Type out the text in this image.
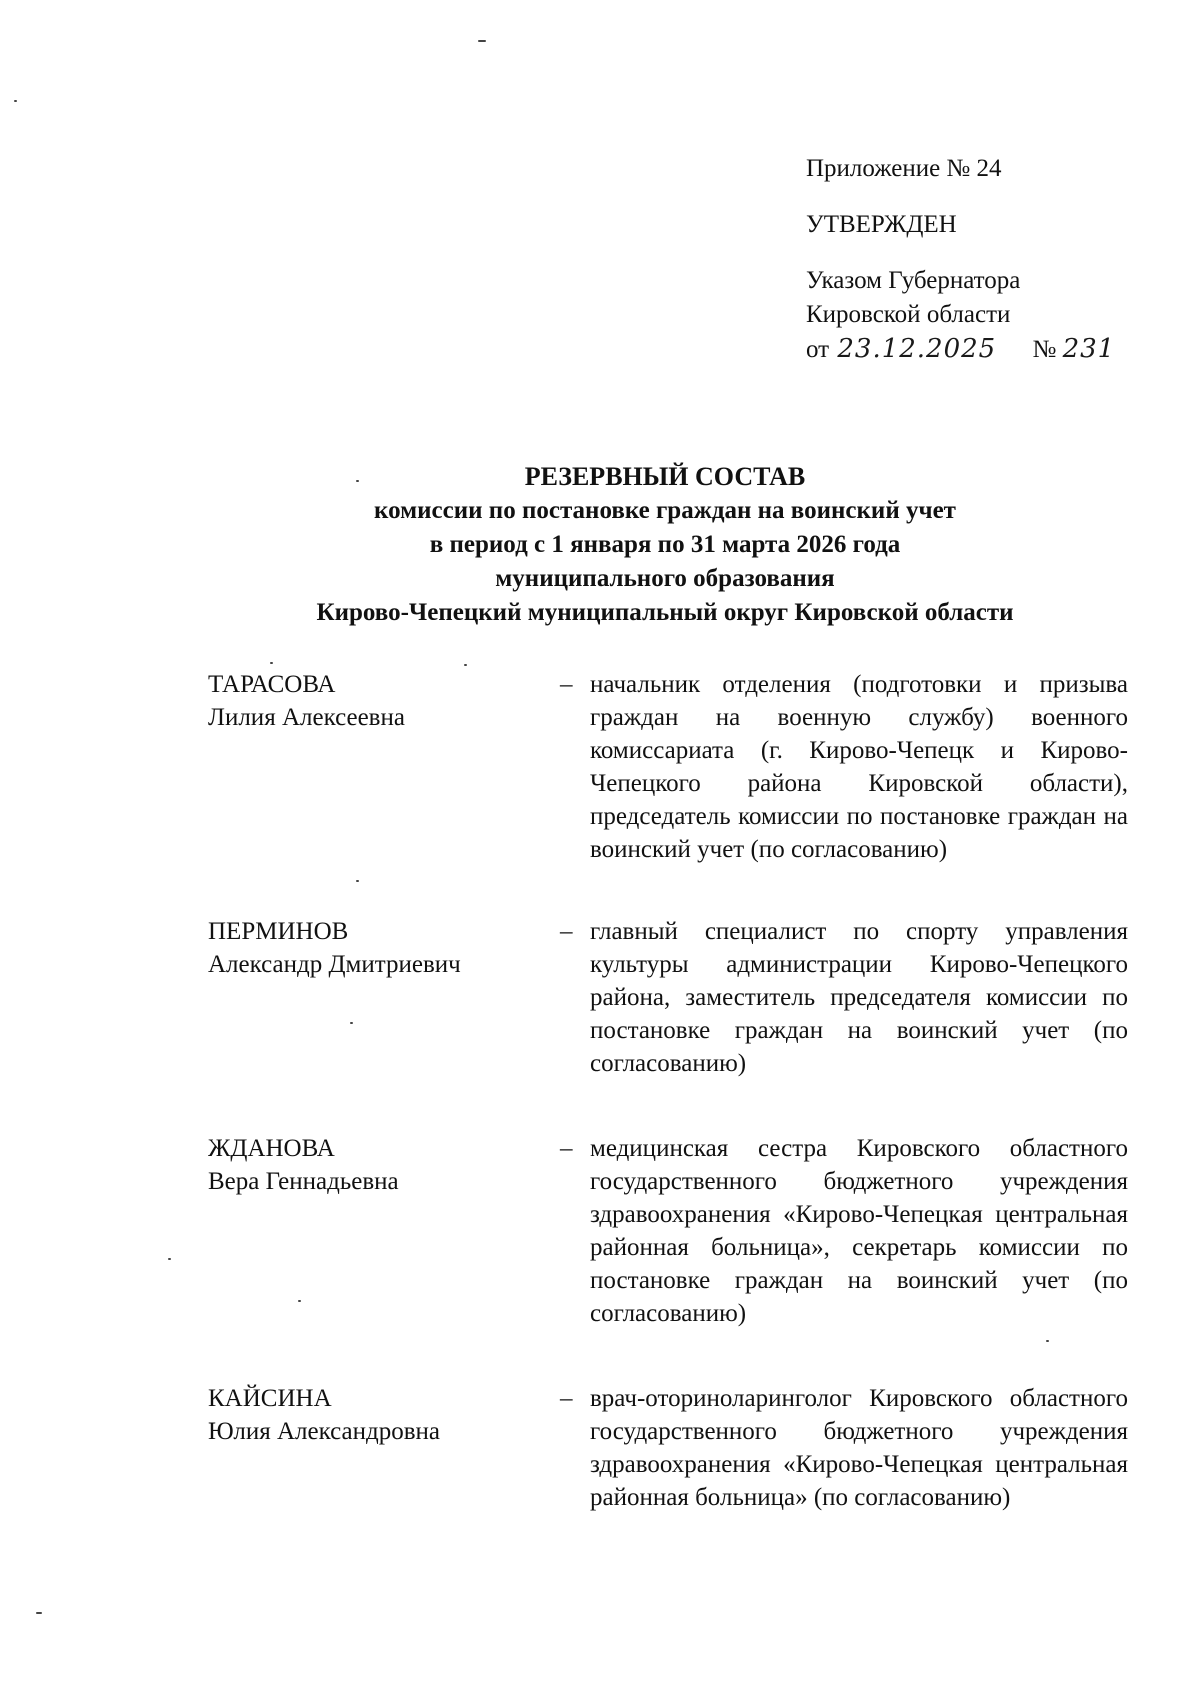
Приложение № 24
УТВЕРЖДЕН
Указом Губернатора
Кировской области
от 23.12.2025 № 231
РЕЗЕРВНЫЙ СОСТАВ
комиссии по постановке граждан на воинский учет
в период с 1 января по 31 марта 2026 года
муниципального образования
Кирово-Чепецкий муниципальный округ Кировской области
ТАРАСОВА
Лилия Алексеевна
– начальник отделения (подготовки и призыва граждан на военную службу) военного комиссариата (г. Кирово-Чепецк и Кирово-Чепецкого района Кировской области), председатель комиссии по постановке граждан на воинский учет (по согласованию)
ПЕРМИНОВ
Александр Дмитриевич
– главный специалист по спорту управления культуры администрации Кирово-Чепецкого района, заместитель председателя комиссии по постановке граждан на воинский учет (по согласованию)
ЖДАНОВА
Вера Геннадьевна
– медицинская сестра Кировского областного государственного бюджетного учреждения здравоохранения «Кирово-Чепецкая центральная районная больница», секретарь комиссии по постановке граждан на воинский учет (по согласованию)
КАЙСИНА
Юлия Александровна
– врач-оториноларинголог Кировского областного государственного бюджетного учреждения здравоохранения «Кирово-Чепецкая центральная районная больница» (по согласованию)
